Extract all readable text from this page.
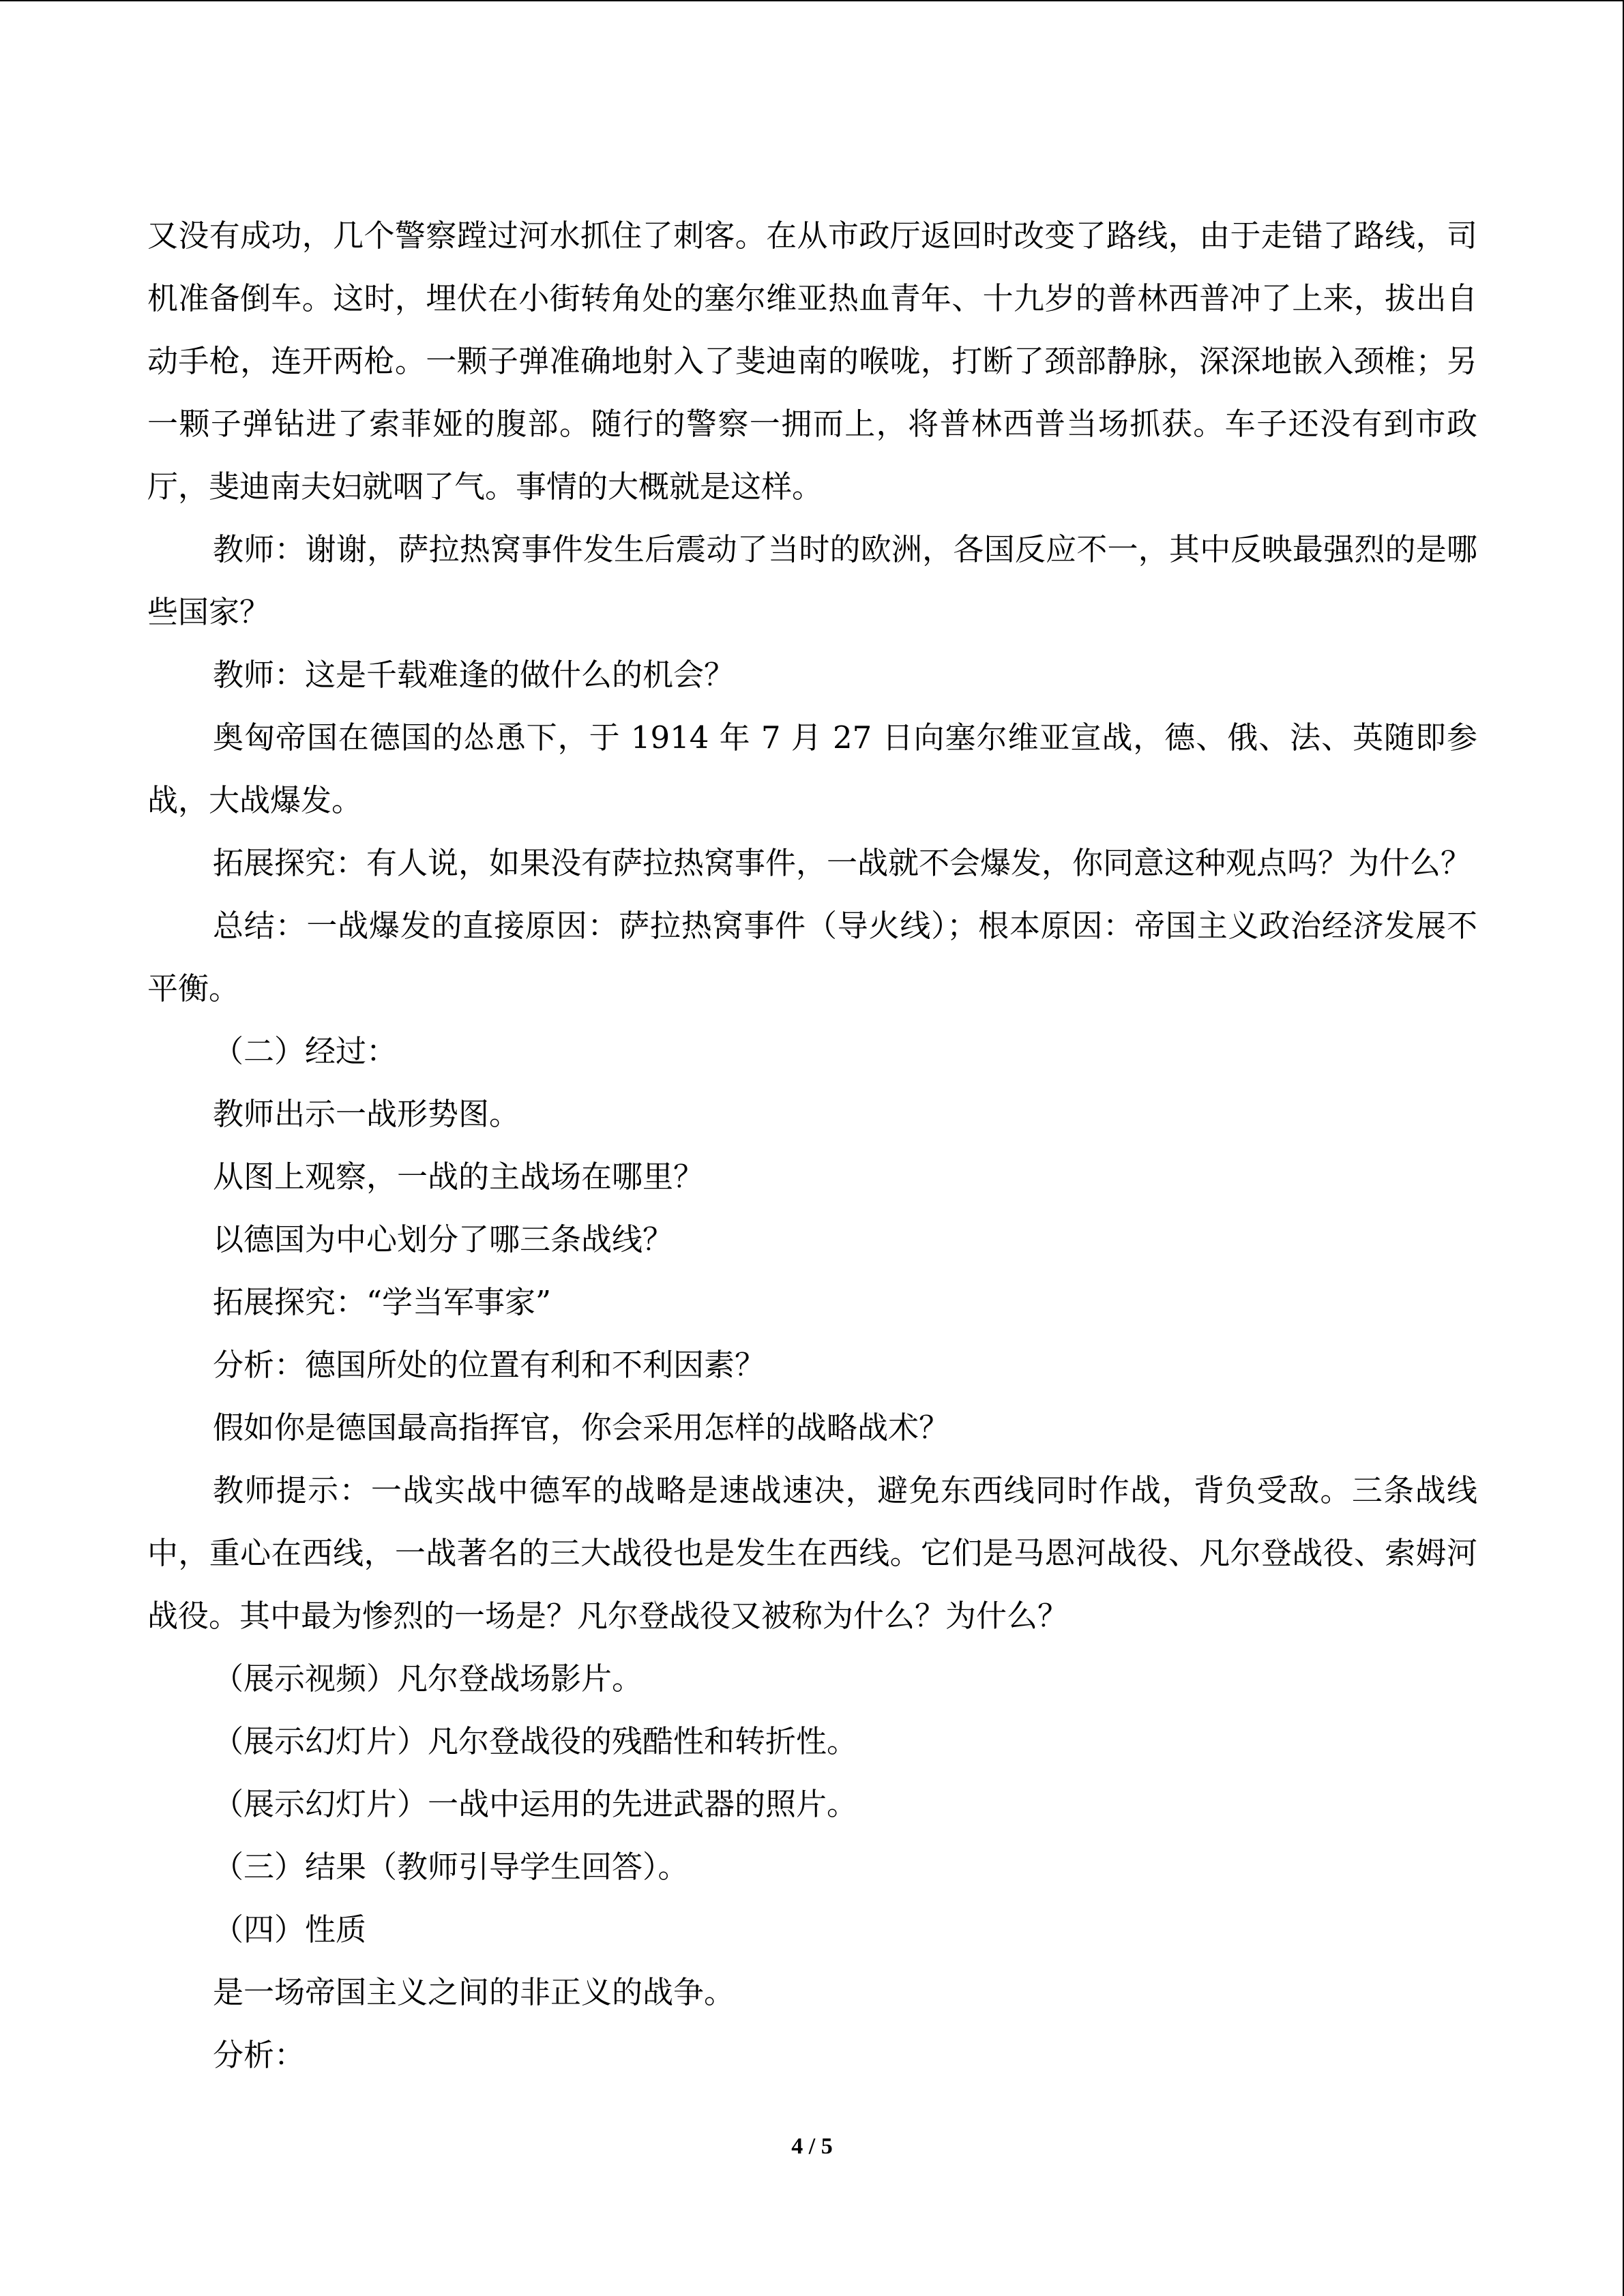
又没有成功，几个警察蹚过河水抓住了刺客。在从市政厅返回时改变了路线，由于走错了路线，司机准备倒车。这时，埋伏在小街转角处的塞尔维亚热血青年、十九岁的普林西普冲了上来，拔出自动手枪，连开两枪。一颗子弹准确地射入了斐迪南的喉咙，打断了颈部静脉，深深地嵌入颈椎；另一颗子弹钻进了索菲娅的腹部。随行的警察一拥而上，将普林西普当场抓获。车子还没有到市政厅，斐迪南夫妇就咽了气。事情的大概就是这样。

教师：谢谢，萨拉热窝事件发生后震动了当时的欧洲，各国反应不一，其中反映最强烈的是哪些国家？

教师：这是千载难逢的做什么的机会？

奥匈帝国在德国的怂恿下，于 1914 年 7 月 27 日向塞尔维亚宣战，德、俄、法、英随即参战，大战爆发。

拓展探究：有人说，如果没有萨拉热窝事件，一战就不会爆发，你同意这种观点吗？为什么？

总结：一战爆发的直接原因：萨拉热窝事件（导火线）；根本原因：帝国主义政治经济发展不平衡。

（二）经过：

教师出示一战形势图。

从图上观察，一战的主战场在哪里？

以德国为中心划分了哪三条战线？

拓展探究：“学当军事家”

分析：德国所处的位置有利和不利因素？

假如你是德国最高指挥官，你会采用怎样的战略战术？

教师提示：一战实战中德军的战略是速战速决，避免东西线同时作战，背负受敌。三条战线中，重心在西线，一战著名的三大战役也是发生在西线。它们是马恩河战役、凡尔登战役、索姆河战役。其中最为惨烈的一场是？凡尔登战役又被称为什么？为什么？

（展示视频）凡尔登战场影片。

（展示幻灯片）凡尔登战役的残酷性和转折性。

（展示幻灯片）一战中运用的先进武器的照片。

（三）结果（教师引导学生回答）。

（四）性质

是一场帝国主义之间的非正义的战争。

分析：

4 / 5
